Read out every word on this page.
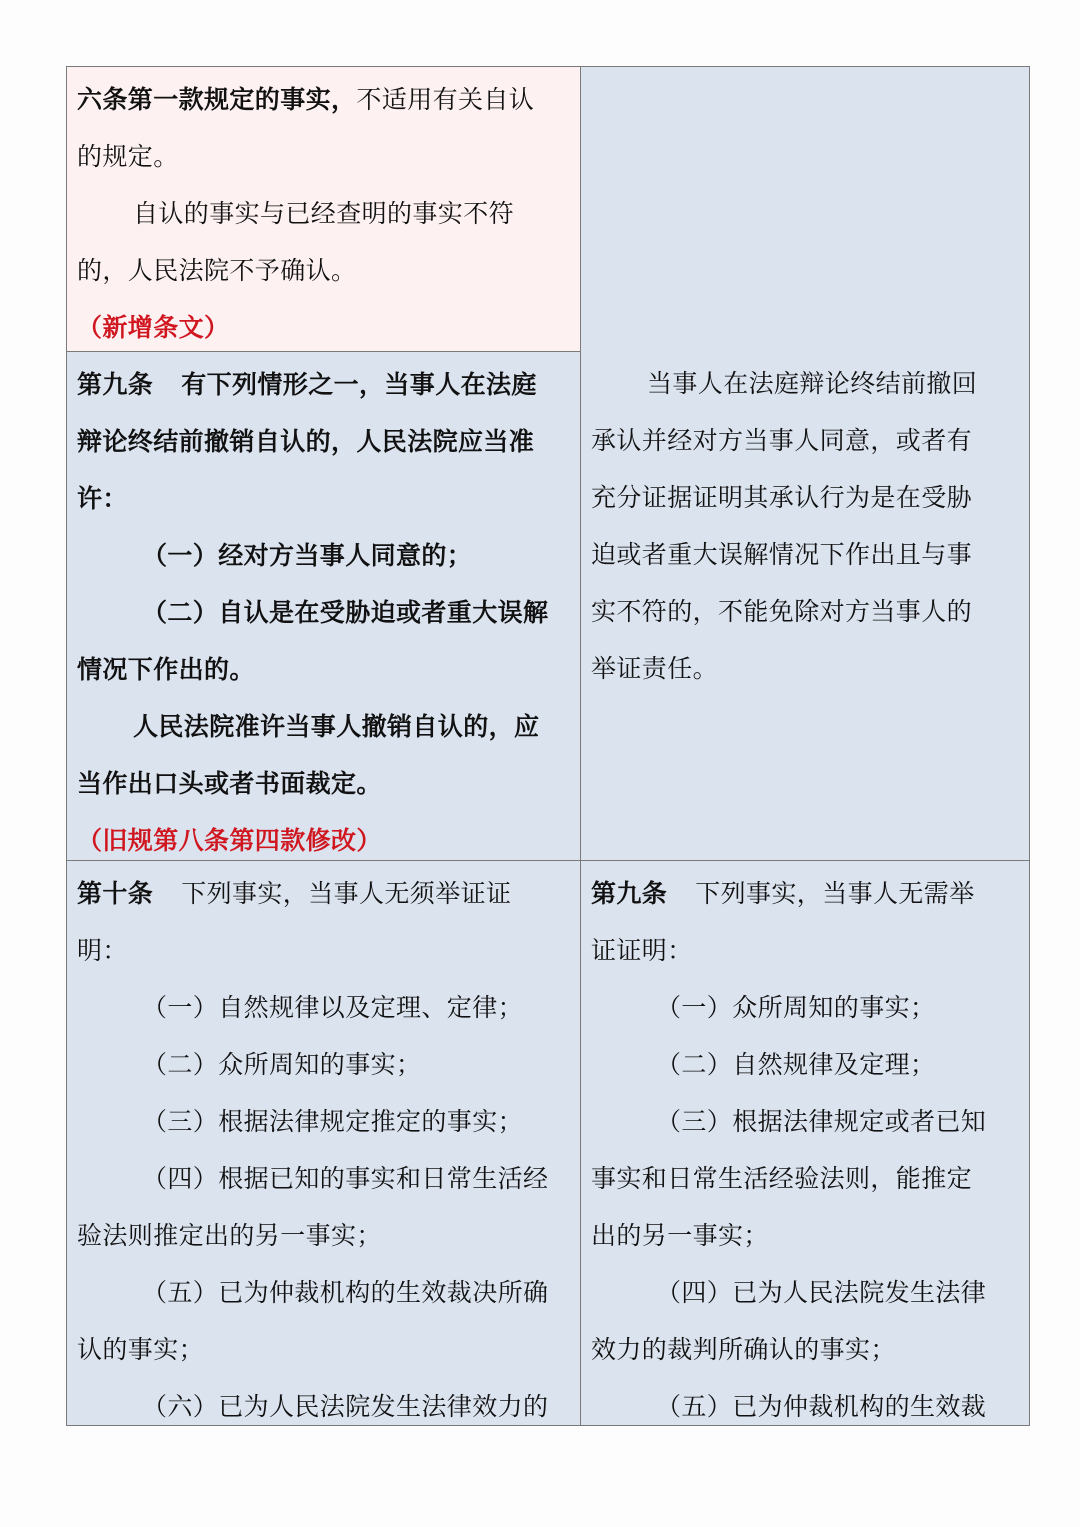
六条第一款规定的事实，不适用有关自认

的规定。

自认的事实与已经查明的事实不符

的，人民法院不予确认。

（新增条文）

当事人在法庭辩论终结前撤回

承认并经对方当事人同意，或者有

充分证据证明其承认行为是在受胁

迫或者重大误解情况下作出且与事

实不符的，不能免除对方当事人的

举证责任。

第九条 有下列情形之一，当事人在法庭

辩论终结前撤销自认的，人民法院应当准

许：

（一）经对方当事人同意的；

（二）自认是在受胁迫或者重大误解

情况下作出的。

人民法院准许当事人撤销自认的，应

当作出口头或者书面裁定。

（旧规第八条第四款修改）

第十条 下列事实，当事人无须举证证

明：

（一）自然规律以及定理、定律；

（二）众所周知的事实；

（三）根据法律规定推定的事实；

（四）根据已知的事实和日常生活经

验法则推定出的另一事实；

（五）已为仲裁机构的生效裁决所确

认的事实；

（六）已为人民法院发生法律效力的

第九条 下列事实，当事人无需举

证证明：

（一）众所周知的事实；

（二）自然规律及定理；

（三）根据法律规定或者已知

事实和日常生活经验法则，能推定

出的另一事实；

（四）已为人民法院发生法律

效力的裁判所确认的事实；

（五）已为仲裁机构的生效裁
